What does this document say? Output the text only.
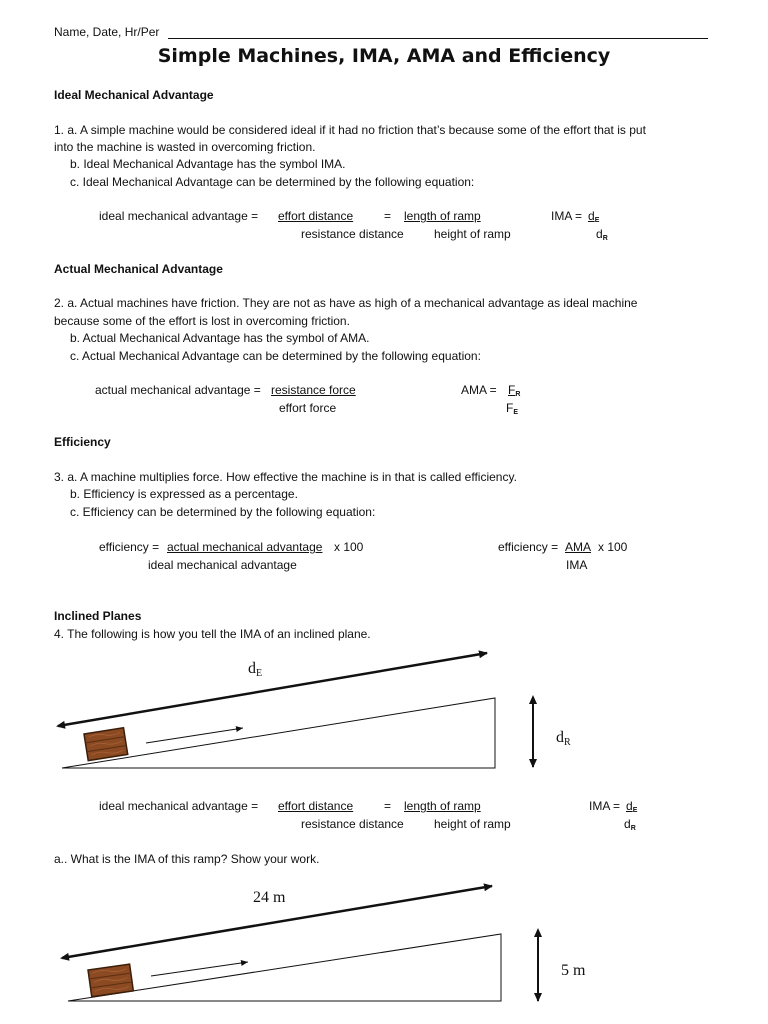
Name, Date, Hr/Per
Simple Machines, IMA, AMA and Efficiency
Ideal Mechanical Advantage
1. a. A simple machine would be considered ideal if it had no friction that’s because some of the effort that is put
into the machine is wasted in overcoming friction.
b. Ideal Mechanical Advantage has the symbol IMA.
c. Ideal Mechanical Advantage can be determined by the following equation:
ideal mechanical advantage = effort distance	= length of ramp
resistance distance	height of ramp
IMA = $d_E$
$d_R$
Actual Mechanical Advantage
2. a. Actual machines have friction. They are not as have as high of a mechanical advantage as ideal machine
because some of the effort is lost in overcoming friction.
b. Actual Mechanical Advantage has the symbol of AMA.
c. Actual Mechanical Advantage can be determined by the following equation:
actual mechanical advantage = resistance force
effort force
AMA = $F_R$
$F_E$
Efficiency
3. a. A machine multiplies force. How effective the machine is in that is called efficiency.
b. Efficiency is expressed as a percentage.
c. Efficiency can be determined by the following equation:
efficiency = actual mechanical advantage x 100
ideal mechanical advantage
efficiency = AMA x 100
IMA
Inclined Planes
4. The following is how you tell the IMA of an inclined plane.
dE
dR
ideal mechanical advantage = effort distance	= length of ramp
resistance distance	height of ramp
IMA = $d_E$
$d_R$
a.. What is the IMA of this ramp? Show your work.
24 m
5 m
